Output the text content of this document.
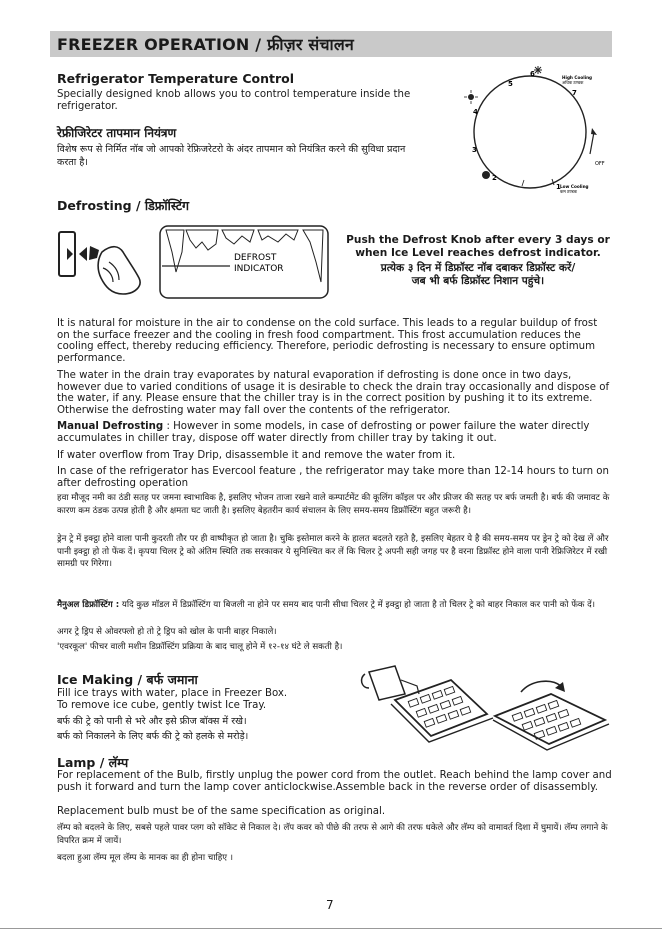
FREEZER OPERATION / फ्रीज़र संचालन
Refrigerator Temperature Control
Specially designed knob allows you to control temperature inside the refrigerator.
रेफ्रीजिरेटर तापमान नियंत्रण
विशेष रूप से निर्मित नॉब जो आपको रेफ्रिजरेटरो के अंदर तापमान को नियंत्रित करने की सुविधा प्रदान करता है।
6
5
7
4
3
2
1
High Cooling
अधिक ठण्डक
OFF
Low Cooling
कम ठण्डक
Defrosting / डिफ्रॉस्टिंग
DEFROST
INDICATOR
Push the Defrost Knob after every 3 days or
when Ice Level reaches defrost indicator.
प्रत्येक ३ दिन में डिफ्रॉस्ट नॉब दबाकर डिफ्रॉस्ट करें/
जब भी बर्फ डिफ्रॉस्ट निशान पहुंचे।
It is natural for moisture in the air to condense on the cold surface. This leads to a regular buildup of frost on the surface freezer and the cooling in fresh food compartment. This frost accumulation reduces the cooling effect, thereby reducing efficiency. Therefore, periodic defrosting is necessary to ensure optimum performance.
The water in the drain tray evaporates by natural evaporation if defrosting is done once in two days, however due to varied conditions of usage it is desirable to check the drain tray occasionally and dispose of the water, if any. Please ensure that the chiller tray is in the correct position by pushing it to its extreme. Otherwise the defrosting water may fall over the contents of the refrigerator.
Manual Defrosting : However in some models, in case of defrosting or power failure the water directly accumulates in chiller tray, dispose off water directly from chiller tray by taking it out.
If water overflow from Tray Drip, disassemble it and remove the water from it.
In case of the refrigerator has Evercool feature , the refrigerator may take more than 12-14 hours to turn on after defrosting operation
हवा मौजूद नमी का ठंडी सतह पर जमना स्वाभाविक है, इसलिए भोजन ताजा रखने वाले कम्पार्टमेंट की कूलिंग कॉइल पर और फ्रीजर की सतह पर बर्फ जमती है। बर्फ की जमावट के कारण कम ठंडक उत्पन्न होती है और क्षमता घट जाती है। इसलिए बेहतरीन कार्य संचालन के लिए समय-समय डिफ्रॉस्टिंग बहुत जरूरी है।
ड्रेन ट्रे में इक्ट्ठा होने वाला पानी कुदरती तौर पर ही वाष्पीकृत हो जाता है। चुकि इस्तेमाल करने के हालत बदलते रहते है, इसलिए बेहतर ये है की समय-समय पर ड्रेन ट्रे को देख लें और पानी इक्ट्ठा हो तो फेंक दें। कृपया चिलर ट्रे को अंतिम स्थिति तक सरकाकर ये सुनिश्चित कर लें कि चिलर ट्रे अपनी सही जगह पर है वरना डिफ्रॉस्ट होने वाला पानी रेफ्रिजिरेटर में रखी सामग्री पर गिरेगा।
मैनुअल डिफ्रॉस्टिंग : यदि कुछ मॉडल में डिफ्रॉस्टिंग या बिजली ना होने पर समय बाद पानी सीधा चिलर ट्रे में इक्ट्ठा हो जाता है तो चिलर ट्रे को बाहर निकाल कर पानी को फेंक दें।
अगर ट्रे ड्रिप से ओवरफ्लो हो तो ट्रे ड्रिप को खोल के पानी बाहर निकाले।
'एवरकूल' फीचर वाली मशीन डिफ्रॉस्टिंग प्रक्रिया के बाद चालू होने में १२-१४ घंटे ले सकती है।
Ice Making / बर्फ जमाना
Fill ice trays with water, place in Freezer Box.
To remove ice cube, gently twist Ice Tray.
बर्फ की ट्रे को पानी से भरे और इसे फ्रीज बॉक्स में रखे।
बर्फ को निकालने के लिए बर्फ की ट्रे को हलके से मरोड़े।
Lamp / लॅम्प
For replacement of the Bulb, firstly unplug the power cord from the outlet. Reach behind the lamp cover and push it forward and turn the lamp cover anticlockwise.Assemble back in the reverse order of disassembly.
Replacement bulb must be of the same specification as original.
लॅम्प को बदलने के लिए, सबसे पहले पावर प्लग को सॉकेट से निकाल दे। लॅप कवर को पीछे की तरफ से आगे की तरफ धकेले और लॅम्प को वामावर्त दिशा में घुमायें। लॅम्प लगाने के विपरित क्रम में जायें।
बदला हुआ लॅम्प मूल लॅम्प के मानक का ही होना चाहिए ।
7
